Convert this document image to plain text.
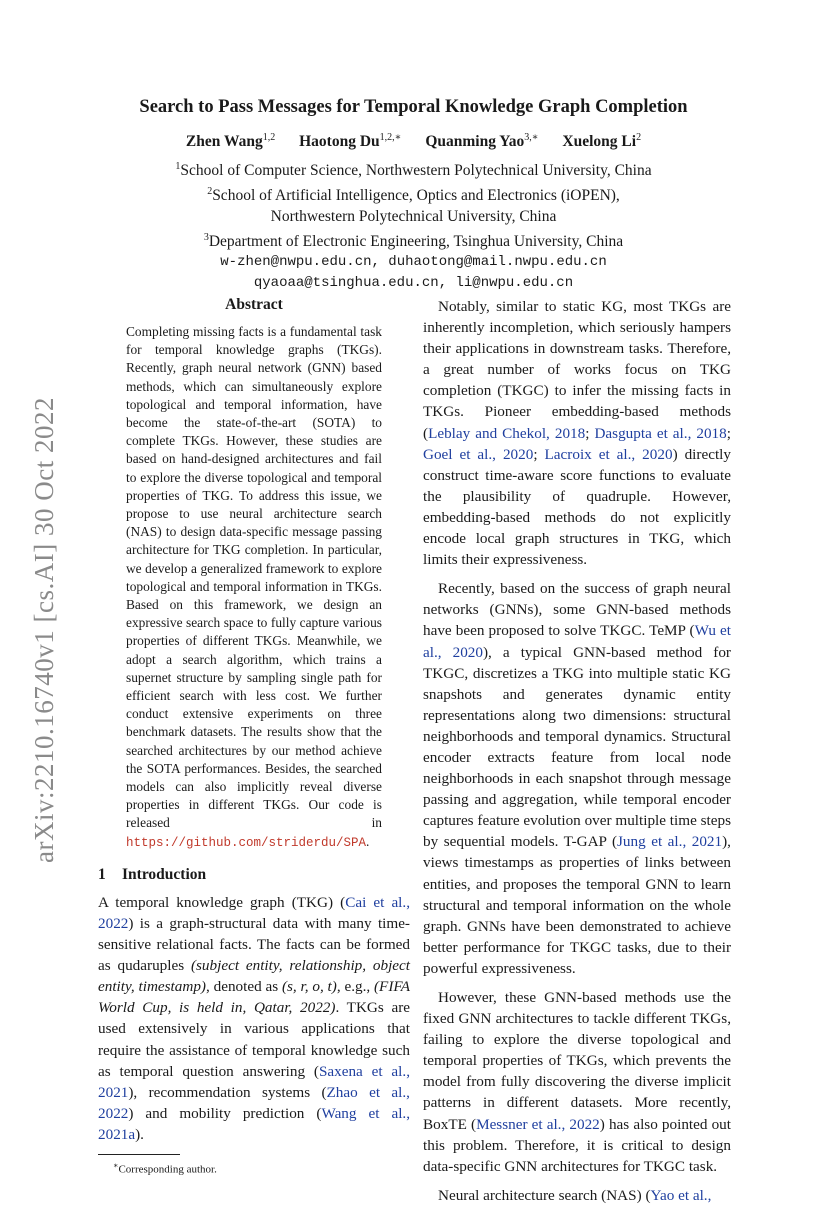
arXiv:2210.16740v1 [cs.AI] 30 Oct 2022
Search to Pass Messages for Temporal Knowledge Graph Completion
Zhen Wang$^{1,2}$ Haotong $Du^{1,2,∗}$ Quanming Yao$^{3,∗}$ Xuelong Li$^2$
$^1$School of Computer Science, Northwestern Polytechnical University, China
$^2$School of Artificial Intelligence, Optics and Electronics (iOPEN),
Northwestern Polytechnical University, China
$^3$Department of Electronic Engineering, Tsinghua University, China
w-zhen@nwpu.edu.cn, duhaotong@mail.nwpu.edu.cn
qyaoaa@tsinghua.edu.cn, li@nwpu.edu.cn
Abstract

Completing missing facts is a fundamental task for temporal knowledge graphs (TKGs). Recently, graph neural network (GNN) based methods, which can simultaneously explore topological and temporal information, have become the state-of-the-art (SOTA) to complete TKGs. However, these studies are based on hand-designed architectures and fail to explore the diverse topological and temporal properties of TKG. To address this issue, we propose to use neural architecture search (NAS) to design data-specific message passing architecture for TKG completion. In particular, we develop a generalized framework to explore topological and temporal information in TKGs. Based on this framework, we design an expressive search space to fully capture various properties of different TKGs. Meanwhile, we adopt a search algorithm, which trains a supernet structure by sampling single path for efficient search with less cost. We further conduct extensive experiments on three benchmark datasets. The results show that the searched architectures by our method achieve the SOTA performances. Besides, the searched models can also implicitly reveal diverse properties in different TKGs. Our code is released in https://github.com/striderdu/SPA.

1 Introduction

A temporal knowledge graph (TKG) (Cai et al., 2022) is a graph-structural data with many time-sensitive relational facts. The facts can be formed as qudaruples (subject entity, relationship, object entity, timestamp), denoted as (s, r, o, t), e.g., (FIFA World Cup, is held in, Qatar, 2022). TKGs are used extensively in various applications that require the assistance of temporal knowledge such as temporal question answering (Saxena et al., 2021), recommendation systems (Zhao et al., 2022) and mobility prediction (Wang et al., 2021a).

∗Corresponding author.

Notably, similar to static KG, most TKGs are inherently incompletion, which seriously hampers their applications in downstream tasks. Therefore, a great number of works focus on TKG completion (TKGC) to infer the missing facts in TKGs. Pioneer embedding-based methods (Leblay and Chekol, 2018; Dasgupta et al., 2018; Goel et al., 2020; Lacroix et al., 2020) directly construct time-aware score functions to evaluate the plausibility of quadruple. However, embedding-based methods do not explicitly encode local graph structures in TKG, which limits their expressiveness.

Recently, based on the success of graph neural networks (GNNs), some GNN-based methods have been proposed to solve TKGC. TeMP (Wu et al., 2020), a typical GNN-based method for TKGC, discretizes a TKG into multiple static KG snapshots and generates dynamic entity representations along two dimensions: structural neighborhoods and temporal dynamics. Structural encoder extracts feature from local node neighborhoods in each snapshot through message passing and aggregation, while temporal encoder captures feature evolution over multiple time steps by sequential models. T-GAP (Jung et al., 2021), views timestamps as properties of links between entities, and proposes the temporal GNN to learn structural and temporal information on the whole graph. GNNs have been demonstrated to achieve better performance for TKGC tasks, due to their powerful expressiveness.

However, these GNN-based methods use the fixed GNN architectures to tackle different TKGs, failing to explore the diverse topological and temporal properties of TKGs, which prevents the model from fully discovering the diverse implicit patterns in different datasets. More recently, BoxTE (Messner et al., 2022) has also pointed out this problem. Therefore, it is critical to design data-specific GNN architectures for TKGC task.

Neural architecture search (NAS) (Yao et al.,
